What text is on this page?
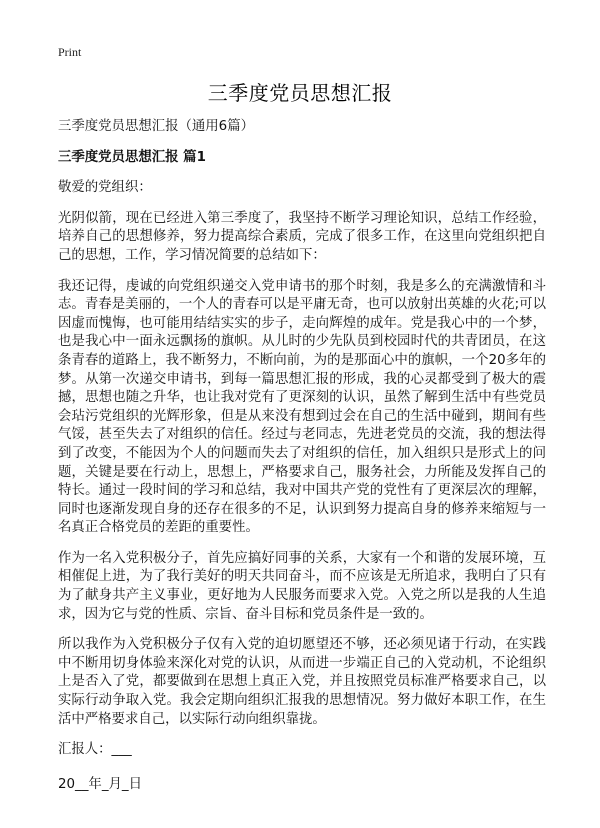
Print
三季度党员思想汇报

三季度党员思想汇报（通用6篇）

三季度党员思想汇报 篇1

敬爱的党组织：

光阴似箭，现在已经进入第三季度了，我坚持不断学习理论知识，总结工作经验，培养自己的思想修养，努力提高综合素质，完成了很多工作，在这里向党组织把自己的思想，工作，学习情况简要的总结如下：

我还记得，虔诚的向党组织递交入党申请书的那个时刻，我是多么的充满激情和斗志。青春是美丽的，一个人的青春可以是平庸无奇，也可以放射出英雄的火花;可以因虚而愧悔，也可能用结结实实的步子，走向辉煌的成年。党是我心中的一个梦，也是我心中一面永远飘扬的旗帜。从儿时的少先队员到校园时代的共青团员，在这条青春的道路上，我不断努力，不断向前，为的是那面心中的旗帜，一个20多年的梦。从第一次递交申请书，到每一篇思想汇报的形成，我的心灵都受到了极大的震撼，思想也随之升华，也让我对党有了更深刻的认识，虽然了解到生活中有些党员会玷污党组织的光辉形象，但是从来没有想到过会在自己的生活中碰到，期间有些气馁，甚至失去了对组织的信任。经过与老同志，先进老党员的交流，我的想法得到了改变，不能因为个人的问题而失去了对组织的信任，加入组织只是形式上的问题，关键是要在行动上，思想上，严格要求自己，服务社会，力所能及发挥自己的特长。通过一段时间的学习和总结，我对中国共产党的党性有了更深层次的理解，同时也逐渐发现自身的还存在很多的不足，认识到努力提高自身的修养来缩短与一名真正合格党员的差距的重要性。

作为一名入党积极分子，首先应搞好同事的关系，大家有一个和谐的发展环境，互相催促上进，为了我行美好的明天共同奋斗，而不应该是无所追求，我明白了只有为了献身共产主义事业，更好地为人民服务而要求入党。入党之所以是我的人生追求，因为它与党的性质、宗旨、奋斗目标和党员条件是一致的。

所以我作为入党积极分子仅有入党的迫切愿望还不够，还必须见诸于行动，在实践中不断用切身体验来深化对党的认识，从而进一步端正自己的入党动机，不论组织上是否入了党，都要做到在思想上真正入党，并且按照党员标准严格要求自己，以实际行动争取入党。我会定期向组织汇报我的思想情况。努力做好本职工作，在生活中严格要求自己，以实际行动向组织靠拢。

汇报人：___

20__年_月_日
